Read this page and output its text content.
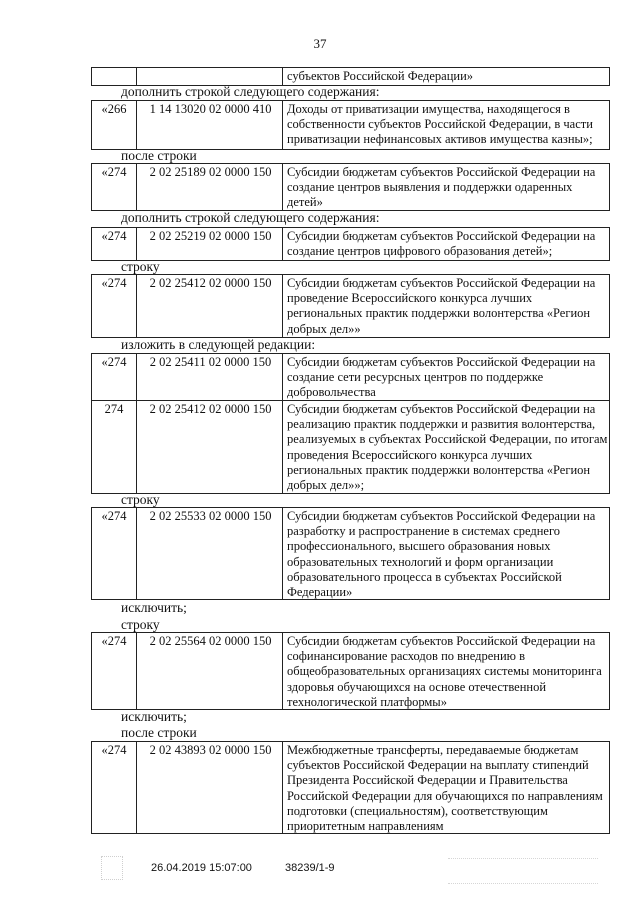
37
субъектов Российской Федерации»
дополнить строкой следующего содержания:
«266	1 14 13020 02 0000 410	Доходы от приватизации имущества, находящегося в собственности субъектов Российской Федерации, в части приватизации нефинансовых активов имущества казны»;
после строки
«274	2 02 25189 02 0000 150	Субсидии бюджетам субъектов Российской Федерации на создание центров выявления и поддержки одаренных детей»
дополнить строкой следующего содержания:
«274	2 02 25219 02 0000 150	Субсидии бюджетам субъектов Российской Федерации на создание центров цифрового образования детей»;
строку
«274	2 02 25412 02 0000 150	Субсидии бюджетам субъектов Российской Федерации на проведение Всероссийского конкурса лучших региональных практик поддержки волонтерства «Регион добрых дел»»
изложить в следующей редакции:
«274	2 02 25411 02 0000 150	Субсидии бюджетам субъектов Российской Федерации на создание сети ресурсных центров по поддержке добровольчества
274	2 02 25412 02 0000 150	Субсидии бюджетам субъектов Российской Федерации на реализацию практик поддержки и развития волонтерства, реализуемых в субъектах Российской Федерации, по итогам проведения Всероссийского конкурса лучших региональных практик поддержки волонтерства «Регион добрых дел»»;
строку
«274	2 02 25533 02 0000 150	Субсидии бюджетам субъектов Российской Федерации на разработку и распространение в системах среднего профессионального, высшего образования новых образовательных технологий и форм организации образовательного процесса в субъектах Российской Федерации»
исключить;
строку
«274	2 02 25564 02 0000 150	Субсидии бюджетам субъектов Российской Федерации на софинансирование расходов по внедрению в общеобразовательных организациях системы мониторинга здоровья обучающихся на основе отечественной технологической платформы»
исключить;
после строки
«274	2 02 43893 02 0000 150	Межбюджетные трансферты, передаваемые бюджетам субъектов Российской Федерации на выплату стипендий Президента Российской Федерации и Правительства Российской Федерации для обучающихся по направлениям подготовки (специальностям), соответствующим приоритетным направлениям
26.04.2019 15:07:00	38239/1-9
